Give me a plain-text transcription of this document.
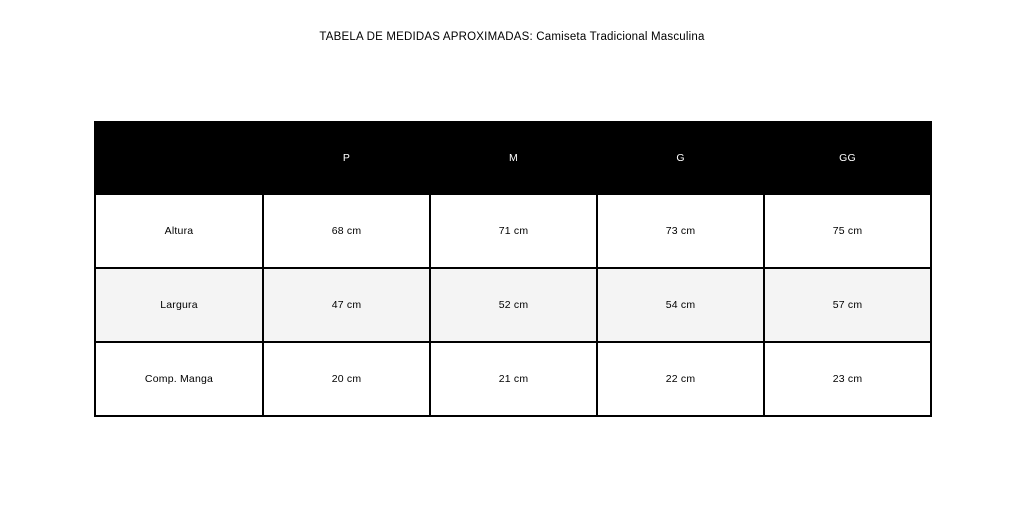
TABELA DE MEDIDAS APROXIMADAS: Camiseta Tradicional Masculina
	P	M	G	GG
Altura	68 cm	71 cm	73 cm	75 cm
Largura	47 cm	52 cm	54 cm	57 cm
Comp. Manga	20 cm	21 cm	22 cm	23 cm
